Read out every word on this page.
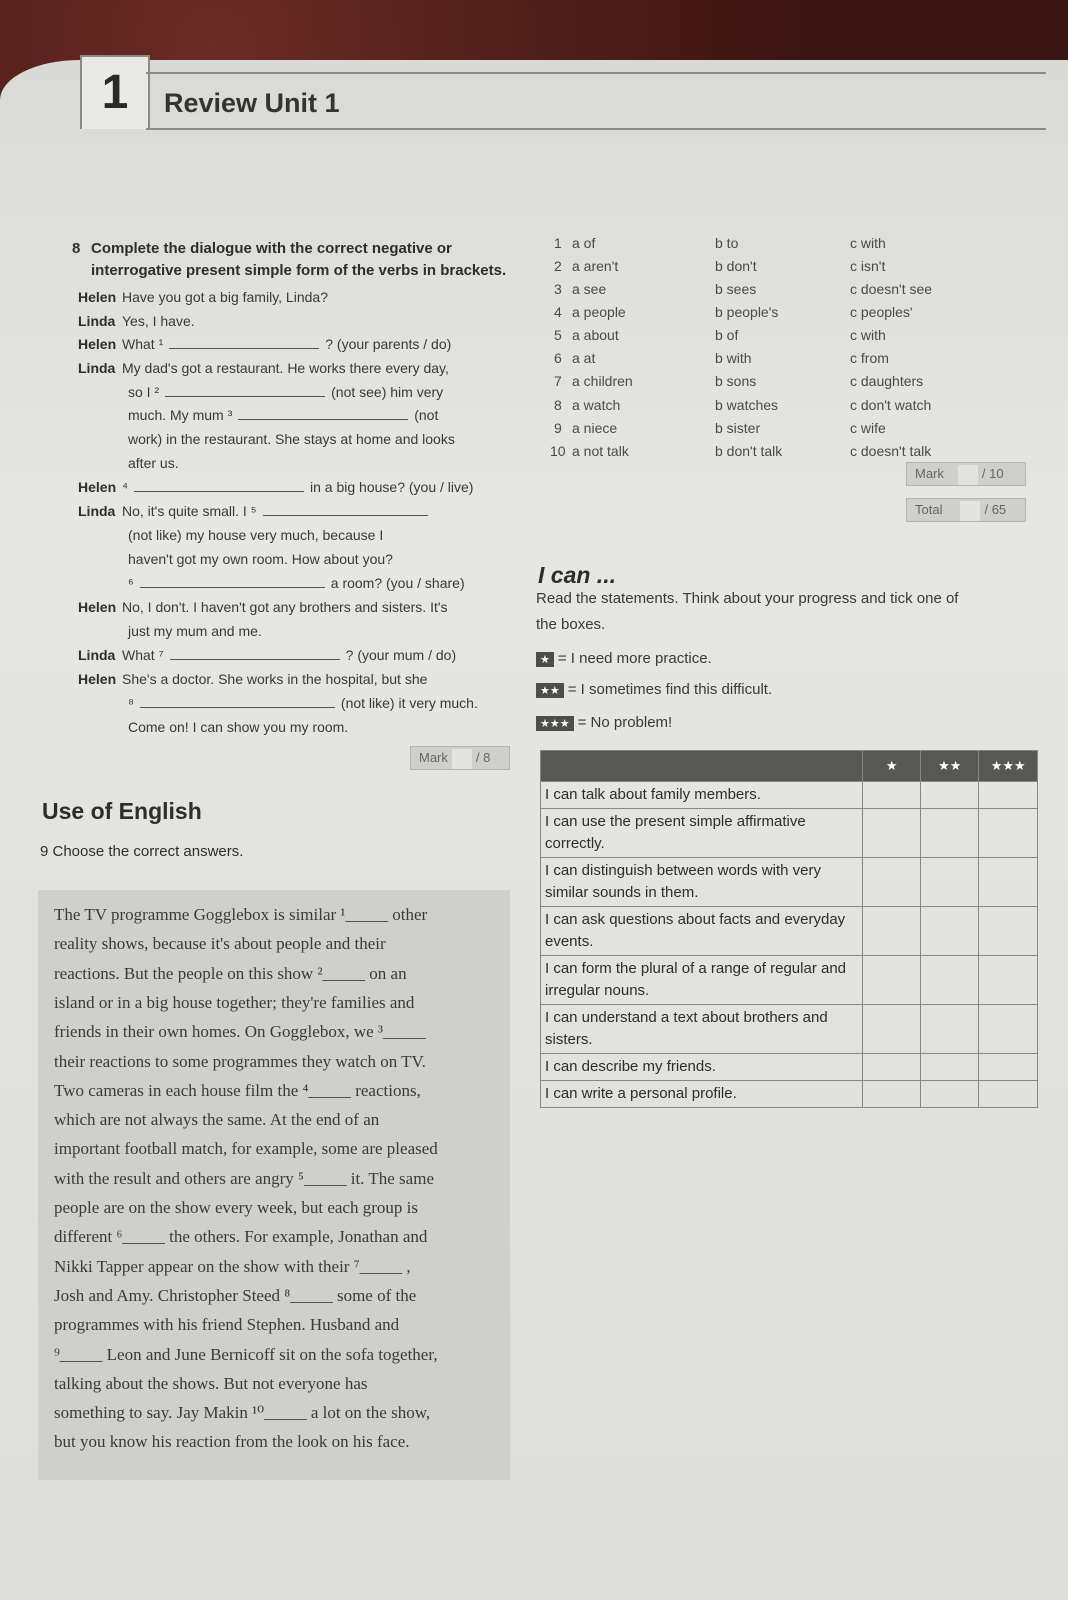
1	Review Unit 1
8 Complete the dialogue with the correct negative or
interrogative present simple form of the verbs in brackets.
Helen Have you got a big family, Linda?
Linda Yes, I have.
Helen What ¹	? (your parents / do)
Linda My dad's got a restaurant. He works there every day,
so I ²	(not see) him very
much. My mum ³	(not
work) in the restaurant. She stays at home and looks
after us.
Helen ⁴	in a big house? (you / live)
Linda No, it's quite small. I ⁵
(not like) my house very much, because I
haven't got my own room. How about you?
⁶	a room? (you / share)
Helen No, I don't. I haven't got any brothers and sisters. It's
just my mum and me.
Linda What ⁷	? (your mum / do)
Helen She's a doctor. She works in the hospital, but she
⁸	(not like) it very much.
Come on! I can show you my room.
Mark / 8
1 a of	b to	c with
2 a aren't	b don't	c isn't
3 a see	b sees	c doesn't see
4 a people	b people's	c peoples'
5 a about	b of	c with
6 a at	b with	c from
7 a children	b sons	c daughters
8 a watch	b watches	c don't watch
9 a niece	b sister	c wife
10 a not talk	b don't talk	c doesn't talk
Mark	/ 10
Total	/ 65
Use of English
9 Choose the correct answers.
The TV programme Gogglebox is similar ¹_____ other
reality shows, because it's about people and their
reactions. But the people on this show ²_____ on an
island or in a big house together; they're families and
friends in their own homes. On Gogglebox, we ³_____
their reactions to some programmes they watch on TV.
Two cameras in each house film the ⁴_____ reactions,
which are not always the same. At the end of an
important football match, for example, some are pleased
with the result and others are angry ⁵_____ it. The same
people are on the show every week, but each group is
different ⁶_____ the others. For example, Jonathan and
Nikki Tapper appear on the show with their ⁷_____ ,
Josh and Amy. Christopher Steed ⁸_____ some of the
programmes with his friend Stephen. Husband and
⁹_____ Leon and June Bernicoff sit on the sofa together,
talking about the shows. But not everyone has
something to say. Jay Makin ¹⁰_____ a lot on the show,
but you know his reaction from the look on his face.
I can ...
Read the statements. Think about your progress and tick one of
the boxes.
★ = I need more practice.
★★ = I sometimes find this difficult.
★★★ = No problem!
	★	★★	★★★
I can talk about family members.			
I can use the present simple affirmative correctly.			
I can distinguish between words with very similar sounds in them.			
I can ask questions about facts and everyday events.			
I can form the plural of a range of regular and irregular nouns.			
I can understand a text about brothers and sisters.			
I can describe my friends.			
I can write a personal profile.			
